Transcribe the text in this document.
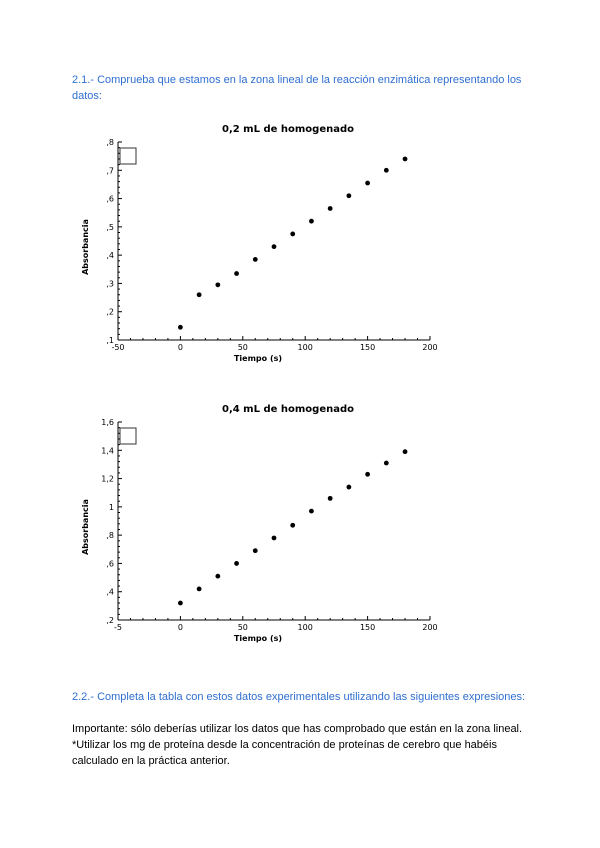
2.1.- Comprueba que estamos en la zona lineal de la reacción enzimática representando los datos:
0,2 mL de homogenado
,1
,2
,3
,4
,5
,6
,7
,8
-50	0	50	100	150	200
Tiempo (s)
Absorbancia
0,4 mL de homogenado
,2
,4
,6
,8
1
1,2
1,4
1,6
-5	0	50	100	150	200
Tiempo (s)
Absorbancia
2.2.- Completa la tabla con estos datos experimentales utilizando las siguientes expresiones:
Importante: sólo deberías utilizar los datos que has comprobado que están en la zona lineal.
*Utilizar los mg de proteína desde la concentración de proteínas de cerebro que habéis calculado en la práctica anterior.
